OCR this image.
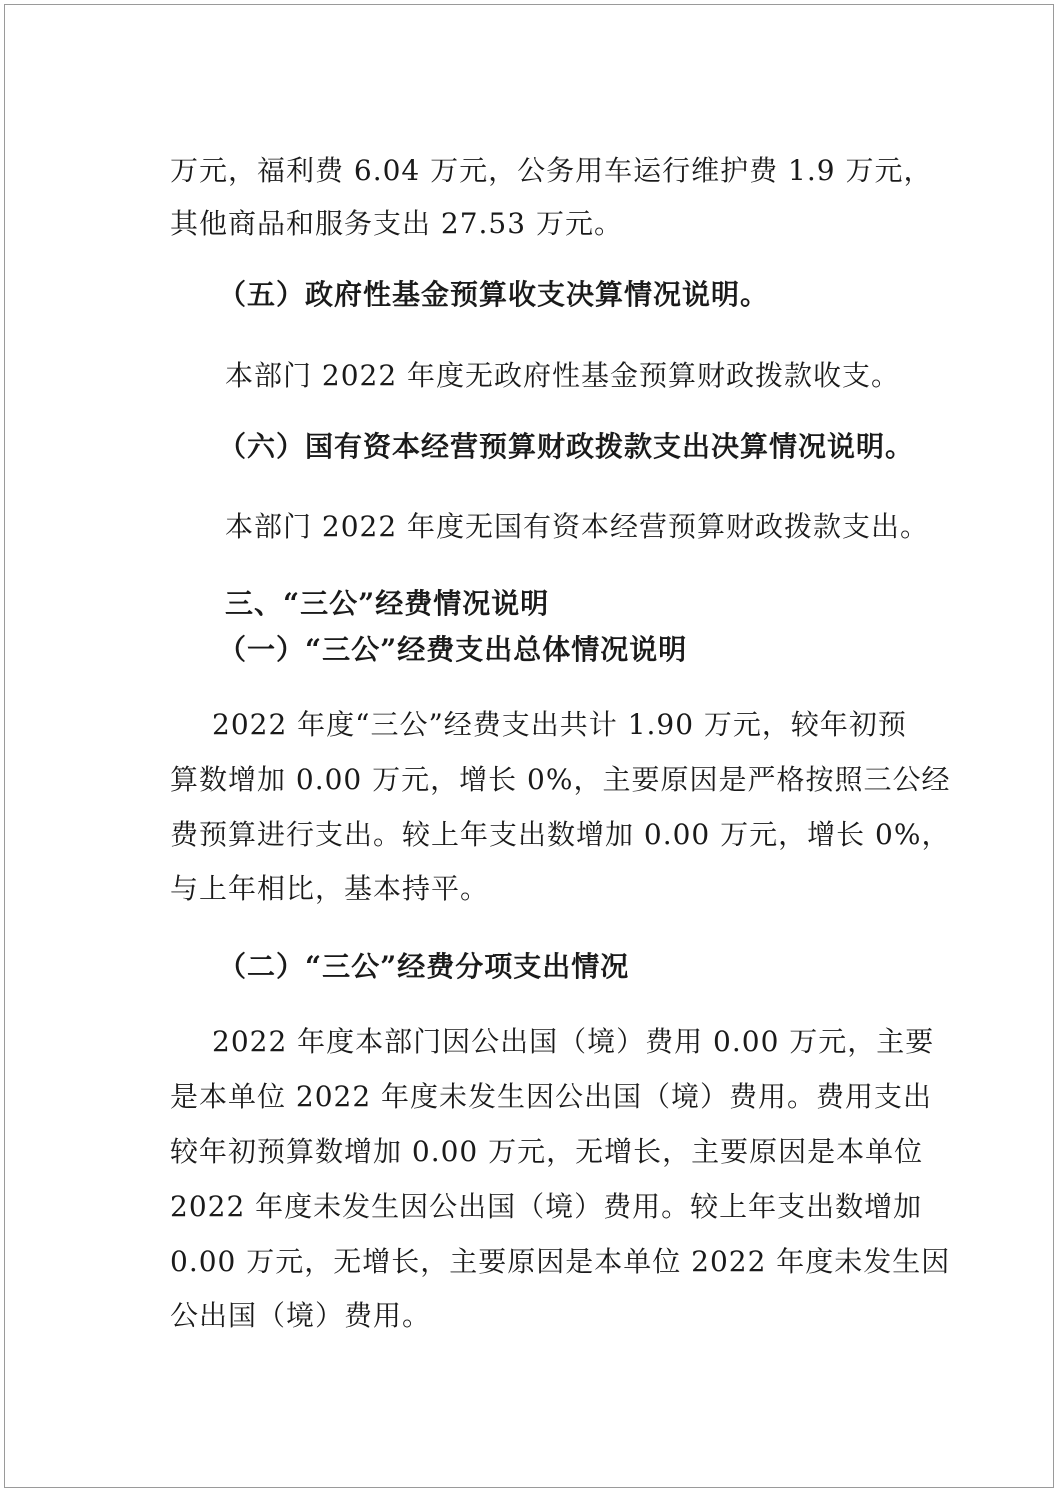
万元，福利费 6.04 万元，公务用车运行维护费 1.9 万元，
其他商品和服务支出 27.53 万元。
（五）政府性基金预算收支决算情况说明。
本部门 2022 年度无政府性基金预算财政拨款收支。
（六）国有资本经营预算财政拨款支出决算情况说明。
本部门 2022 年度无国有资本经营预算财政拨款支出。
三、“三公”经费情况说明
（一）“三公”经费支出总体情况说明
2022 年度“三公”经费支出共计 1.90 万元，较年初预
算数增加 0.00 万元，增长 0%，主要原因是严格按照三公经
费预算进行支出。较上年支出数增加 0.00 万元，增长 0%，
与上年相比，基本持平。
（二）“三公”经费分项支出情况
2022 年度本部门因公出国（境）费用 0.00 万元，主要
是本单位 2022 年度未发生因公出国（境）费用。费用支出
较年初预算数增加 0.00 万元，无增长，主要原因是本单位
2022 年度未发生因公出国（境）费用。较上年支出数增加
0.00 万元，无增长，主要原因是本单位 2022 年度未发生因
公出国（境）费用。
